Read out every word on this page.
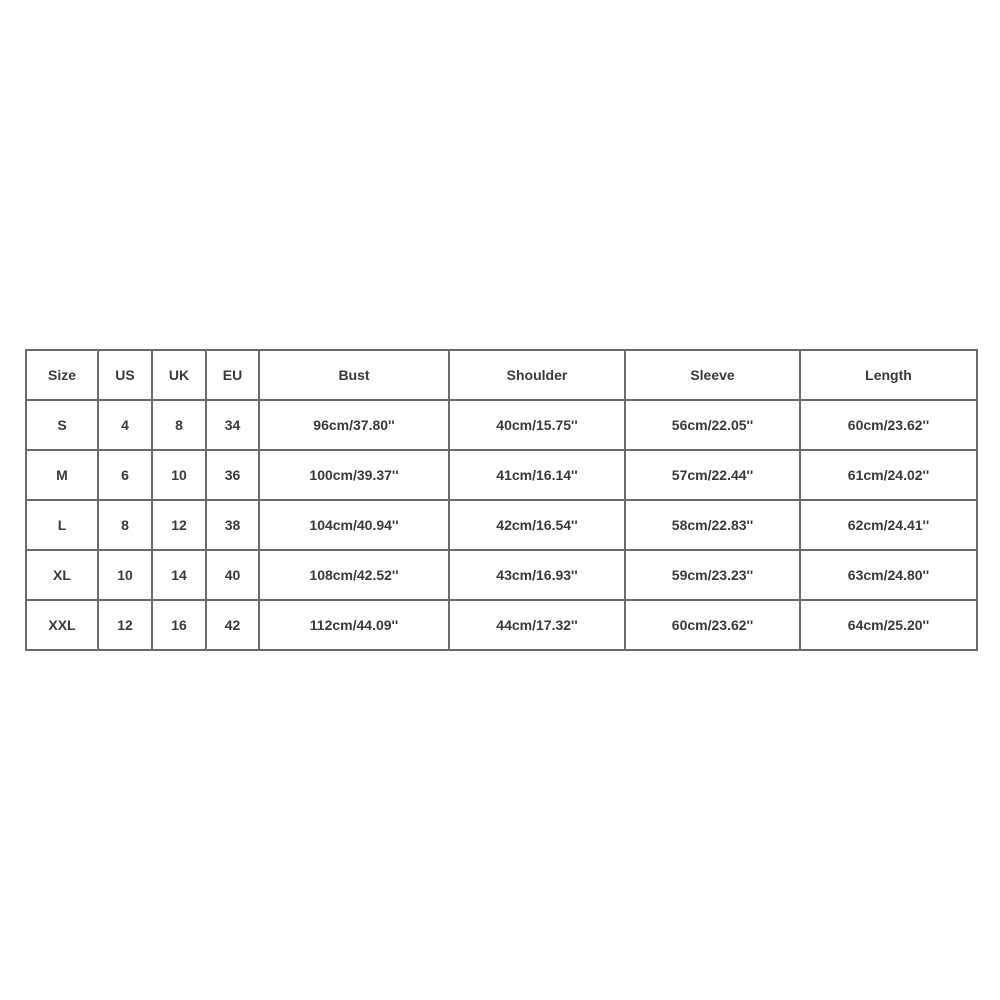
Size	US	UK	EU	Bust	Shoulder	Sleeve	Length
S	4	8	34	96cm/37.80''	40cm/15.75''	56cm/22.05''	60cm/23.62''
M	6	10	36	100cm/39.37''	41cm/16.14''	57cm/22.44''	61cm/24.02''
L	8	12	38	104cm/40.94''	42cm/16.54''	58cm/22.83''	62cm/24.41''
XL	10	14	40	108cm/42.52''	43cm/16.93''	59cm/23.23''	63cm/24.80''
XXL	12	16	42	112cm/44.09''	44cm/17.32''	60cm/23.62''	64cm/25.20''
